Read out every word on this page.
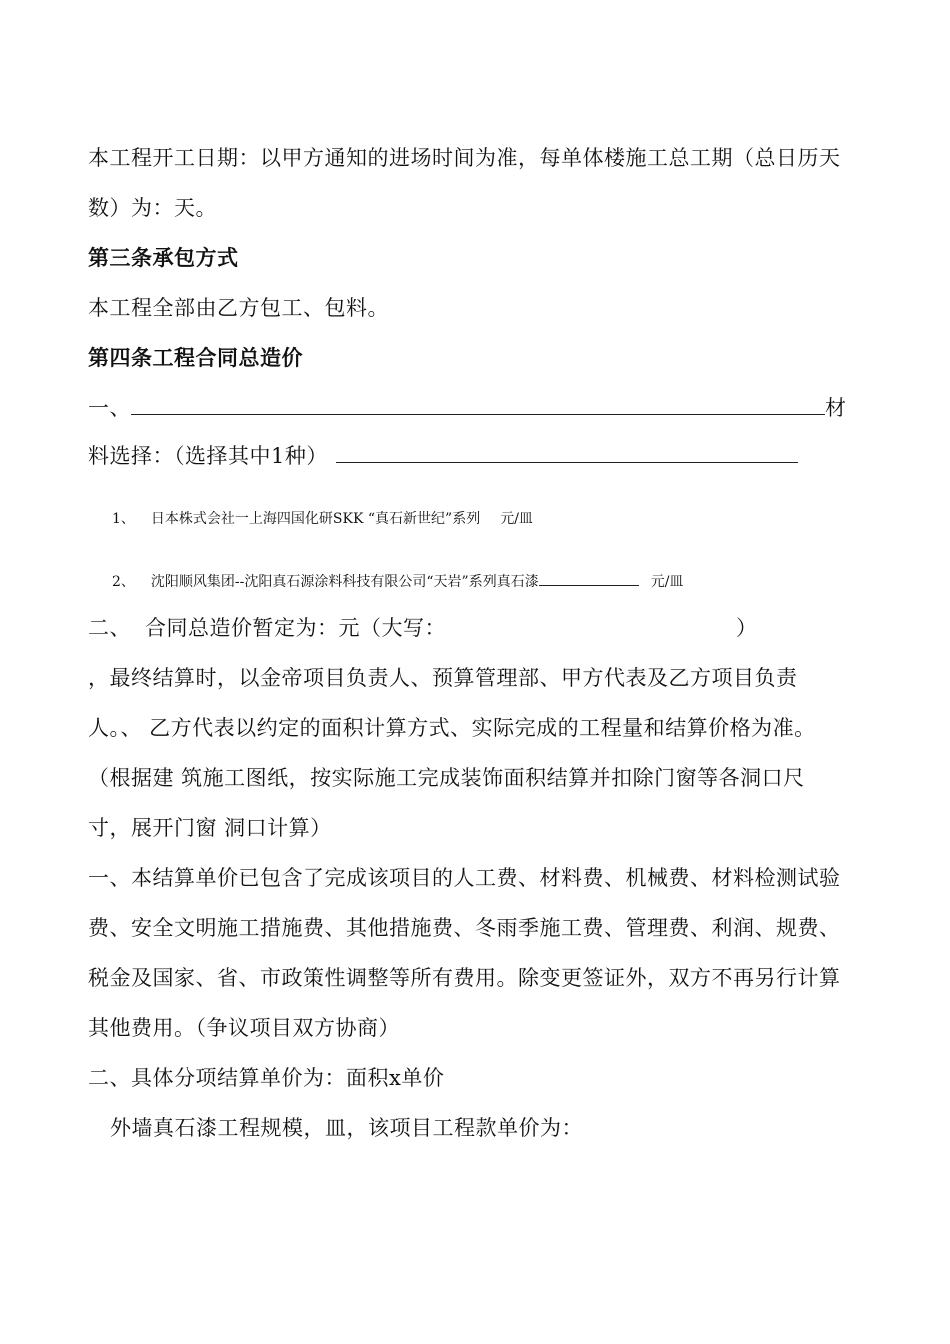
本工程开工日期：以甲方通知的进场时间为准，每单体楼施工总工期（总日历天
数）为：天。
第三条承包方式
本工程全部由乙方包工、包料。
第四条工程合同总造价
一、	材
料选择：（选择其中1种）
1、 日本株式会社一上海四国化研SKK “真石新世纪”系列 元/皿
2、 沈阳顺风集团--沈阳真石源涂料科技有限公司“天岩”系列真石漆	元/皿
二、 合同总造价暂定为：元（大写：	）
，最终结算时，以金帝项目负责人、预算管理部、甲方代表及乙方项目负责
人。、 乙方代表以约定的面积计算方式、实际完成的工程量和结算价格为准。
（根据建 筑施工图纸，按实际施工完成装饰面积结算并扣除门窗等各洞口尺
寸，展开门窗 洞口计算）
一、本结算单价已包含了完成该项目的人工费、材料费、机械费、材料检测试验
费、安全文明施工措施费、其他措施费、冬雨季施工费、管理费、利润、规费、
税金及国家、省、市政策性调整等所有费用。除变更签证外，双方不再另行计算
其他费用。（争议项目双方协商）
二、具体分项结算单价为：面积x单价
外墙真石漆工程规模，皿，该项目工程款单价为：
